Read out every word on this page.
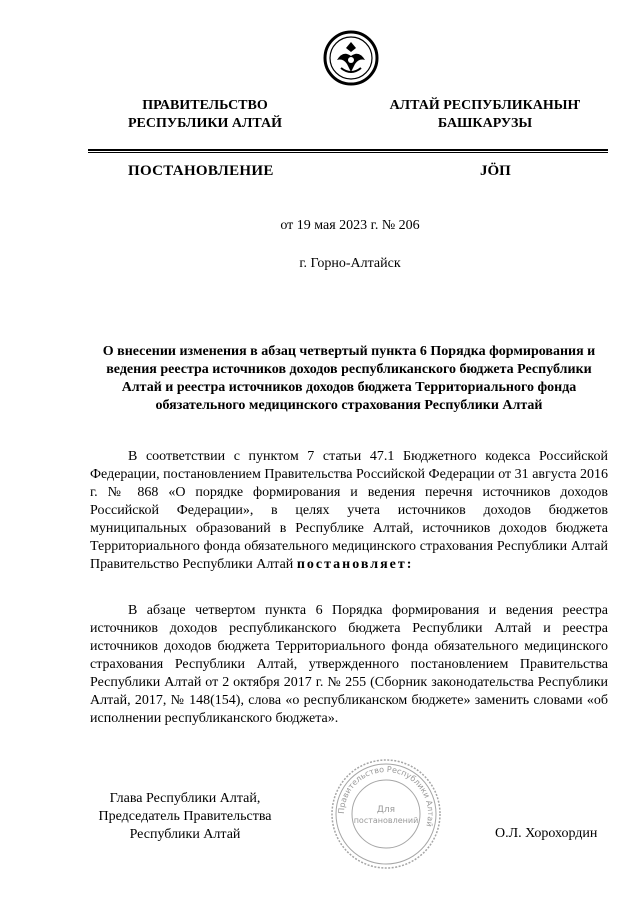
ПРАВИТЕЛЬСТВО
РЕСПУБЛИКИ АЛТАЙ
АЛТАЙ РЕСПУБЛИКАНЫҤ
БАШКАРУЗЫ
ПОСТАНОВЛЕНИЕ	JÖП
от 19 мая 2023 г. № 206
г. Горно-Алтайск
О внесении изменения в абзац четвертый пункта 6 Порядка формирования и ведения реестра источников доходов республиканского бюджета Республики Алтай и реестра источников доходов бюджета Территориального фонда обязательного медицинского страхования Республики Алтай
В соответствии с пунктом 7 статьи 47.1 Бюджетного кодекса Российской Федерации, постановлением Правительства Российской Федерации от 31 августа 2016 г. № 868 «О порядке формирования и ведения перечня источников доходов Российской Федерации», в целях учета источников доходов бюджетов муниципальных образований в Республике Алтай, источников доходов бюджета Территориального фонда обязательного медицинского страхования Республики Алтай Правительство Республики Алтай постановляет:
В абзаце четвертом пункта 6 Порядка формирования и ведения реестра источников доходов республиканского бюджета Республики Алтай и реестра источников доходов бюджета Территориального фонда обязательного медицинского страхования Республики Алтай, утвержденного постановлением Правительства Республики Алтай от 2 октября 2017 г. № 255 (Сборник законодательства Республики Алтай, 2017, № 148(154), слова «о республиканском бюджете» заменить словами «об исполнении республиканского бюджета».
Правительство Республики Алтай
Для
постановлений
Глава Республики Алтай,
Председатель Правительства
Республики Алтай	О.Л. Хорохордин
